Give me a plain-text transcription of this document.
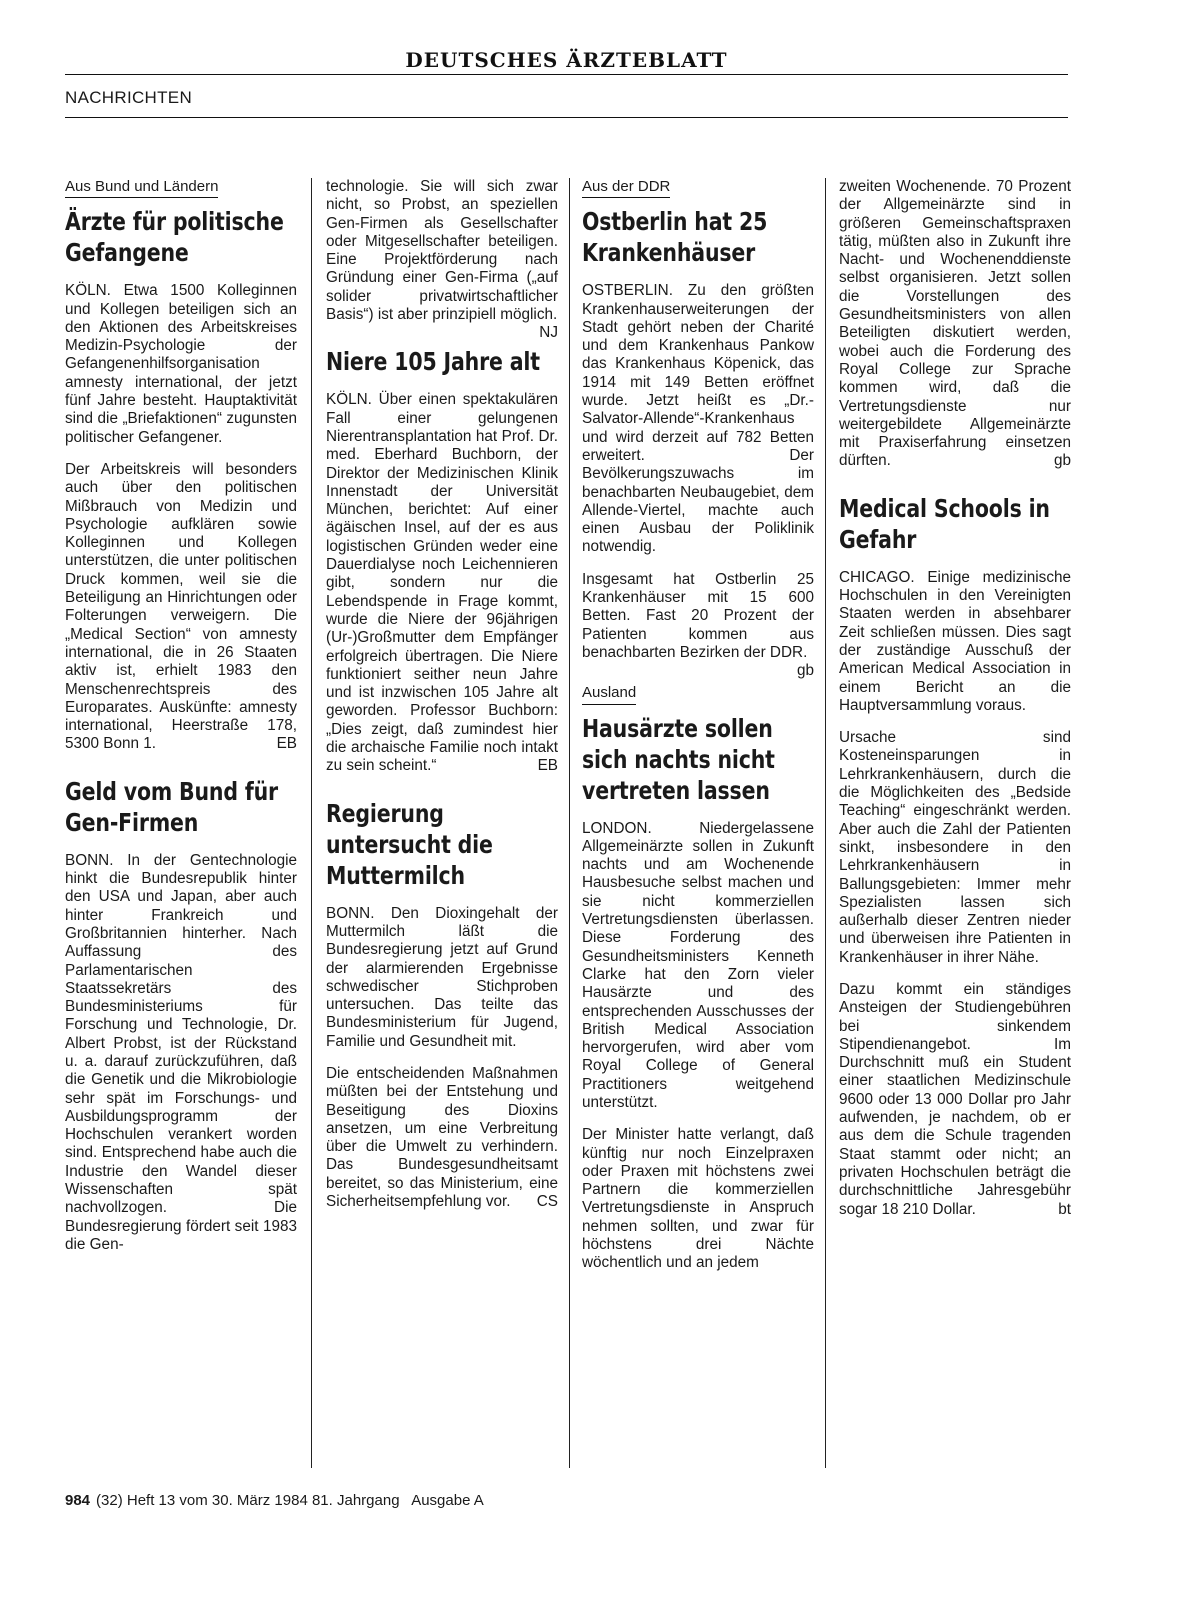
DEUTSCHES ÄRZTEBLATT
NACHRICHTEN
Aus Bund und Ländern
Ärzte für politische Gefangene

KÖLN. Etwa 1500 Kolleginnen und Kollegen beteiligen sich an den Aktionen des Arbeitskreises Medizin-Psychologie der Gefangenenhilfsorganisation amnesty international, der jetzt fünf Jahre besteht. Hauptaktivität sind die „Briefaktionen“ zugunsten politischer Gefangener.

Der Arbeitskreis will besonders auch über den politischen Mißbrauch von Medizin und Psychologie aufklären sowie Kolleginnen und Kollegen unterstützen, die unter politischen Druck kommen, weil sie die Beteiligung an Hinrichtungen oder Folterungen verweigern. Die „Medical Section“ von amnesty international, die in 26 Staaten aktiv ist, erhielt 1983 den Menschenrechtspreis des Europarates. Auskünfte: amnesty international, Heerstraße 178, 5300 Bonn 1.	EB

Geld vom Bund für Gen-Firmen

BONN. In der Gentechnologie hinkt die Bundesrepublik hinter den USA und Japan, aber auch hinter Frankreich und Großbritannien hinterher. Nach Auffassung des Parlamentarischen Staatssekretärs des Bundesministeriums für Forschung und Technologie, Dr. Albert Probst, ist der Rückstand u. a. darauf zurückzuführen, daß die Genetik und die Mikrobiologie sehr spät im Forschungs- und Ausbildungsprogramm der Hochschulen verankert worden sind. Entsprechend habe auch die Industrie den Wandel dieser Wissenschaften spät nachvollzogen. Die Bundesregierung fördert seit 1983 die Gen-

technologie. Sie will sich zwar nicht, so Probst, an speziellen Gen-Firmen als Gesellschafter oder Mitgesellschafter beteiligen. Eine Projektförderung nach Gründung einer Gen-Firma („auf solider privatwirtschaftlicher Basis“) ist aber prinzipiell möglich.
NJ

Niere 105 Jahre alt

KÖLN. Über einen spektakulären Fall einer gelungenen Nierentransplantation hat Prof. Dr. med. Eberhard Buchborn, der Direktor der Medizinischen Klinik Innenstadt der Universität München, berichtet: Auf einer ägäischen Insel, auf der es aus logistischen Gründen weder eine Dauerdialyse noch Leichennieren gibt, sondern nur die Lebendspende in Frage kommt, wurde die Niere der 96jährigen (Ur-)Großmutter dem Empfänger erfolgreich übertragen. Die Niere funktioniert seither neun Jahre und ist inzwischen 105 Jahre alt geworden. Professor Buchborn: „Dies zeigt, daß zumindest hier die archaische Familie noch intakt zu sein scheint.“	EB

Regierung untersucht die Muttermilch

BONN. Den Dioxingehalt der Muttermilch läßt die Bundesregierung jetzt auf Grund der alarmierenden Ergebnisse schwedischer Stichproben untersuchen. Das teilte das Bundesministerium für Jugend, Familie und Gesundheit mit.

Die entscheidenden Maßnahmen müßten bei der Entstehung und Beseitigung des Dioxins ansetzen, um eine Verbreitung über die Umwelt zu verhindern. Das Bundesgesundheitsamt bereitet, so das Ministerium, eine Sicherheitsempfehlung vor. CS

Aus der DDR
Ostberlin hat 25 Krankenhäuser

OSTBERLIN. Zu den größten Krankenhauserweiterungen der Stadt gehört neben der Charité und dem Krankenhaus Pankow das Krankenhaus Köpenick, das 1914 mit 149 Betten eröffnet wurde. Jetzt heißt es „Dr.-Salvator-Allende“-Krankenhaus und wird derzeit auf 782 Betten erweitert. Der Bevölkerungszuwachs im benachbarten Neubaugebiet, dem Allende-Viertel, machte auch einen Ausbau der Poliklinik notwendig.

Insgesamt hat Ostberlin 25 Krankenhäuser mit 15 600 Betten. Fast 20 Prozent der Patienten kommen aus benachbarten Bezirken der DDR.
gb

Ausland
Hausärzte sollen sich nachts nicht vertreten lassen

LONDON. Niedergelassene Allgemeinärzte sollen in Zukunft nachts und am Wochenende Hausbesuche selbst machen und sie nicht kommerziellen Vertretungsdiensten überlassen. Diese Forderung des Gesundheitsministers Kenneth Clarke hat den Zorn vieler Hausärzte und des entsprechenden Ausschusses der British Medical Association hervorgerufen, wird aber vom Royal College of General Practitioners weitgehend unterstützt.

Der Minister hatte verlangt, daß künftig nur noch Einzelpraxen oder Praxen mit höchstens zwei Partnern die kommerziellen Vertretungsdienste in Anspruch nehmen sollten, und zwar für höchstens drei Nächte wöchentlich und an jedem

zweiten Wochenende. 70 Prozent der Allgemeinärzte sind in größeren Gemeinschaftspraxen tätig, müßten also in Zukunft ihre Nacht- und Wochenenddienste selbst organisieren. Jetzt sollen die Vorstellungen des Gesundheitsministers von allen Beteiligten diskutiert werden, wobei auch die Forderung des Royal College zur Sprache kommen wird, daß die Vertretungsdienste nur weitergebildete Allgemeinärzte mit Praxiserfahrung einsetzen dürften.	gb

Medical Schools in Gefahr

CHICAGO. Einige medizinische Hochschulen in den Vereinigten Staaten werden in absehbarer Zeit schließen müssen. Dies sagt der zuständige Ausschuß der American Medical Association in einem Bericht an die Hauptversammlung voraus.

Ursache sind Kosteneinsparungen in Lehrkrankenhäusern, durch die die Möglichkeiten des „Bedside Teaching“ eingeschränkt werden. Aber auch die Zahl der Patienten sinkt, insbesondere in den Lehrkrankenhäusern in Ballungsgebieten: Immer mehr Spezialisten lassen sich außerhalb dieser Zentren nieder und überweisen ihre Patienten in Krankenhäuser in ihrer Nähe.

Dazu kommt ein ständiges Ansteigen der Studiengebühren bei sinkendem Stipendienangebot. Im Durchschnitt muß ein Student einer staatlichen Medizinschule 9600 oder 13 000 Dollar pro Jahr aufwenden, je nachdem, ob er aus dem die Schule tragenden Staat stammt oder nicht; an privaten Hochschulen beträgt die durchschnittliche Jahresgebühr sogar 18 210 Dollar.	bt

984 (32) Heft 13 vom 30. März 1984 81. Jahrgang   Ausgabe A
